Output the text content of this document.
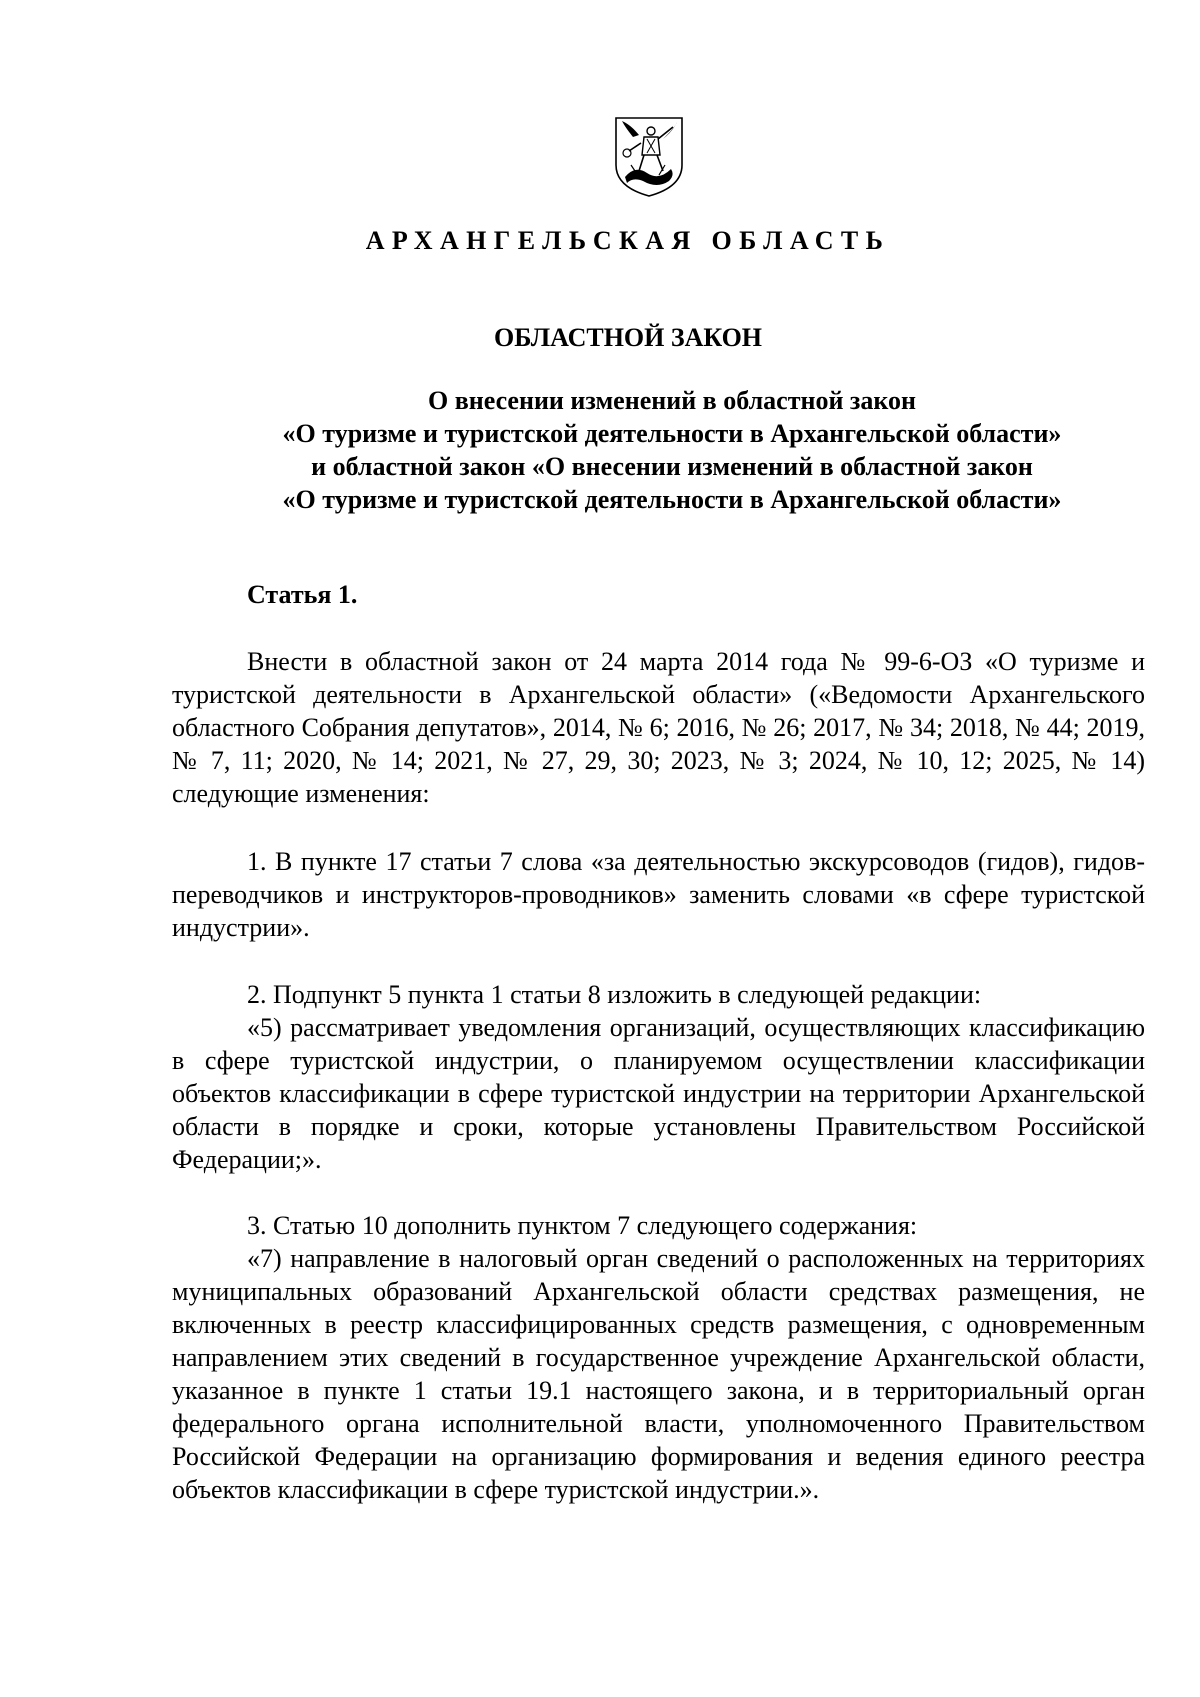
АРХАНГЕЛЬСКАЯ ОБЛАСТЬ
ОБЛАСТНОЙ ЗАКОН
О внесении изменений в областной закон
«О туризме и туристской деятельности в Архангельской области»
и областной закон «О внесении изменений в областной закон
«О туризме и туристской деятельности в Архангельской области»
Статья 1.

Внести в областной закон от 24 марта 2014 года № 99-6-ОЗ «О туризме и туристской деятельности в Архангельской области» («Ведомости Архангельского областного Собрания депутатов», 2014, № 6; 2016, № 26; 2017, № 34; 2018, № 44; 2019, № 7, 11; 2020, № 14; 2021, № 27, 29, 30; 2023, № 3; 2024, № 10, 12; 2025, № 14) следующие изменения:

1. В пункте 17 статьи 7 слова «за деятельностью экскурсоводов (гидов), гидов-переводчиков и инструкторов-проводников» заменить словами «в сфере туристской индустрии».

2. Подпункт 5 пункта 1 статьи 8 изложить в следующей редакции:

«5) рассматривает уведомления организаций, осуществляющих классификацию в сфере туристской индустрии, о планируемом осуществлении классификации объектов классификации в сфере туристской индустрии на территории Архангельской области в порядке и сроки, которые установлены Правительством Российской Федерации;».

3. Статью 10 дополнить пунктом 7 следующего содержания:

«7) направление в налоговый орган сведений о расположенных на территориях муниципальных образований Архангельской области средствах размещения, не включенных в реестр классифицированных средств размещения, с одновременным направлением этих сведений в государственное учреждение Архангельской области, указанное в пункте 1 статьи 19.1 настоящего закона, и в территориальный орган федерального органа исполнительной власти, уполномоченного Правительством Российской Федерации на организацию формирования и ведения единого реестра объектов классификации в сфере туристской индустрии.».
